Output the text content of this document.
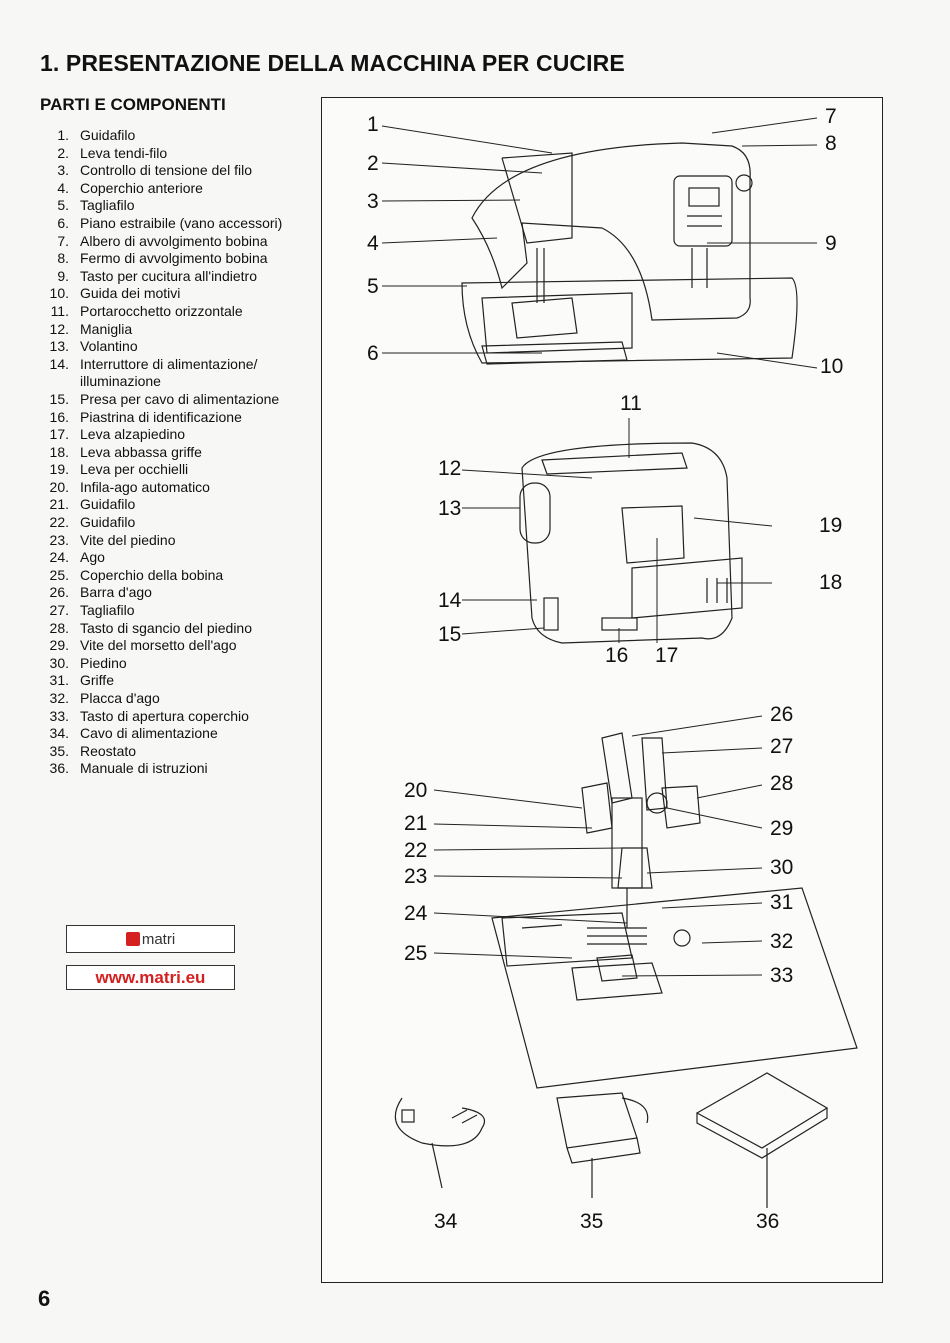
1. PRESENTAZIONE DELLA MACCHINA PER CUCIRE
PARTI E COMPONENTI
1. Guidafilo
2. Leva tendi-filo
3. Controllo di tensione del filo
4. Coperchio anteriore
5. Tagliafilo
6. Piano estraibile (vano accessori)
7. Albero di avvolgimento bobina
8. Fermo di avvolgimento bobina
9. Tasto per cucitura all'indietro
10. Guida dei motivi
11. Portarocchetto orizzontale
12. Maniglia
13. Volantino
14. Interruttore di alimentazione/
illuminazione
15. Presa per cavo di alimentazione
16. Piastrina di identificazione
17. Leva alzapiedino
18. Leva abbassa griffe
19. Leva per occhielli
20. Infila-ago automatico
21. Guidafilo
22. Guidafilo
23. Vite del piedino
24. Ago
25. Coperchio della bobina
26. Barra d'ago
27. Tagliafilo
28. Tasto di sgancio del piedino
29. Vite del morsetto dell'ago
30. Piedino
31. Griffe
32. Placca d'ago
33. Tasto di apertura coperchio
34. Cavo di alimentazione
35. Reostato
36. Manuale di istruzioni
matri
www.matri.eu
6
1
2
3
4
5
6
7
8
9
10
11
12
13
14
15
16 17
18
19
20
21
22
23
24
25
26
27
28
29
30
31
32
33
34	35	36
